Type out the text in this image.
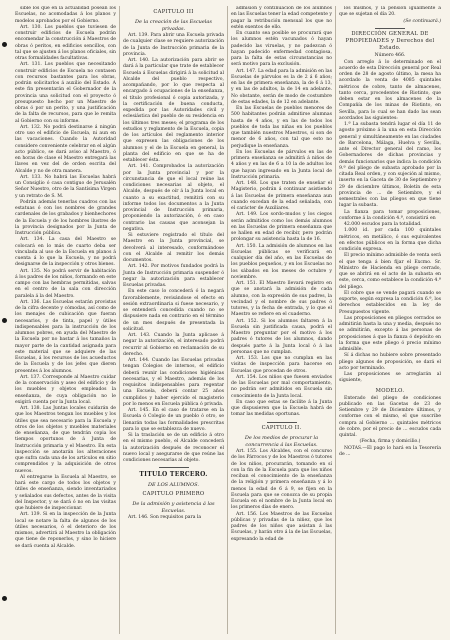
sible los que en la actualidad posean los Escuelas, no acomodadas á los planos y modelos aprobados por el Gobierno.

Art. 130. Los pueblos que tuviesen de construir edificios de Escuela podrán encomendar la construcción á Maestros de obras ó peritos, en edificios sencillos, con tal que se ajusten á los planos oficiales, sin otras formalidades facultativas.

Art. 131. Los pueblos que necesitando construir edificios de Escuela no contasen con recursos bastantes para los obras, podrán solicitarlos á auxilio del Estado. A este fin presentarán el Gobernador de la provincia una solicitud con el proyecto ó presupuesto hecho por un Maestro de obras ó por un perito, y una justificación de la falta de recursos, para que le remita al Gobierno con su informe.

Art. 132. No podrá destinarse á ningún otro uso el edificio de Escuela, ni aun en las vacaciones. Cuando la Autoridad considere conveniente celebrar en el algún acto público, se dará aviso al Maestro, ó en horas de clase el Maestro entregará las llaves en vez del de orden escrita del Alcalde y no de otra manera.

Art. 133. No habrá las Escuelas habrá un Consiglio ó casa contiguo de Jerusalén Señor Nuestro, otro de la Santísima Virgen y un retrato de S. M.

Podrán además tenerlas cuadros con las estatuas ó con los nombres de grandes cardenales de los grabados y bienhechores de la Escuela y de los hombres ilustres de la provincia designados por la Junta de Instrucción pública.

Art. 134. La casa del Maestro se colocará en lo más de cuarto deba ser vinculada al uso de la Escuela en planos á cuenta á lo que la Escuela, y no podrá designarse de la inspección y otros bienes.

Art. 135. No podrá servir de habitación á los padres de los niños, formando en este campo con las hembras permitidas, salvas en el centro de la sala con dirección paralela á la del Maestro.

Art. 136. Las Escuelas estarán provistas de la cifra decente y cómodas, así como de los menajes de cubicación que fueran necesarios, y de tinta, papel y útiles indispensables para la instrucción de los alumnos pobres, en ayuda del Maestro de la Escuela por no bastar á los tamaños la mayor parte de la cantidad asignada para este material que se adquiere de las Escuelas, á los recursos de los acueductos de la Escuela y de los jefes que dieren presentes á los alumnos.

Art. 137. Corresponde al Maestro cuidar de la conservación y aseo del edificio y de los muebles y objetos empleados la enseñanza, de cuya obligación no le exigirá cuenta por la Junta local.

Art. 138. Las Juntas locales cuidarán de que los Maestros tengan los muebles y los útiles que sea necesario para la Escuela y otros de los objetos y muebles materiales de enseñanza, de que tendrán copia los tiempos oportunos de á Junta de Instrucción primaria y el Maestro. En esta inspección se anotarán los alteraciones que sufra cada una de los artículos en sitio comprendidos y la adquisición de otros nuevos.

Al entregarse la Escuela al Maestro, se hará este cargo de todos los objetos y útiles de enseñanza, siendo inventariados y señalados sus defectos, antes de la visita del Inspector, y se dará ó no en las visitas que hubiere de inspeccionar.

Art. 139. Si en la inspección de la Junta local se notare la falta de algunos de los útiles necesarios, ó el deterioro de los mismos, advertirá al Maestro la obligación que tiene de reponerlos, y sino lo hiciere se dará cuenta al Alcalde.

CAPITULO III

De la creación de las Escuelas privadas.

Art. 139. Para abrir una Escuela privada de cualquier clase se requiere autorización de la Junta de Instrucción primaria de la provincia.

Art. 140. La autorización para abrir se dará á la particular que trate de establecer Escuela á Escuelas dirigirá á la solicitud al Alcalde del pueblo respectivo, acompañando, por lo que respecta al encargado á ocupaciones de la enseñanza, el título profesional ó copia autorizada, y la certificación de buena conducta, expedida por las Autoridades civil y eclesiástica del pueblo de su residencia en los últimos tres meses; el programa de los estudios y reglamento de la Escuela, copia de los artículos del reglamento interior que expresen las obligaciones de los alumnos y el de la Escuela en general, la planta del edificio en que se ha de establecer ésta.

Art. 141. Comprobados la autorización por la Junta provincial y por la circunstancia de que el local reúne las condiciones necesarias al objeto, el Alcalde, después de oír á la Junta local en cuanto a su exactitud, remitirá con su informe todos los documentos a la Junta provincial de Instrucción primaria, proponiendo la autorización, ó en caso contrario las causas que aconsejan la negativa.

Si estuviere registrado el título del Maestro en la Junta provincial, se devolverá al interesado, conformándose con el Alcalde al remitir los demás documentos.

Art. 142. Por motivos fundados podrá la Junta de Instrucción primaria suspender ó negar la autorización para establecer Escuelas privadas.

En este caso lo concederá ó la negará favorablemente, revisándose el efecto en sesión extraordinaria si fuese necesario, y se entenderá concedida cuando no se dispusiere nada en contrario en el término de un mes después de presentada la solicitud.

Art. 143. Cuando la Junta aplicase á negar la autorización, el interesado podrá recurrir al Gobierno en reclamación de su derecho.

Art. 144. Cuando las Escuelas privadas tengan Colegios de internos, el edificio deberá reunir las condiciones higiénicas necesarias, y el Maestro, además de los requisitos indispensables para regentar una Escuela, deberá contar 25 años cumplidos y haber ejercido el magisterio por lo menos en Escuela pública ó privada.

Art. 145. En el caso de tratarse en la Escuela ó Colegio de un pueblo ó otro, se llenarán todas las formalidades prescritas para lo que se establezca de nuevo.

Si la traslación se de un edificio á otro en el mismo pueblo, el Alcalde concederá la autorización después de reconocer el nuevo local y asegurarse de que reúne las condiciones necesarias al objeto.

TITULO TERCERO.

DE LOS ALUMNOS.

CAPITULO PRIMERO

De la admisión y asistencia á las Escuelas.

Art. 146. Son requisitos para la

admisión y continuación de los alumnos en las Escuelas tener la edad competente y pagar la retribución mensual los que no estén exentos de ello.

En cuanto sea posible se procurará que los alumnos estén vacunados ó hayan padecido las viruelas, y no padezcan ó hayan padecido enfermedad contagiosa, para la falta de estas circunstancias no será motivo para la exclusión.

Art. 147. La edad para la admisión en las Escuelas de párvulos es la de 2 á 6 años; en las de primera enseñanza, la de 6 á 13, y en las de adultos, la de 14 en adelante. No obstante, serán de modo de costumbre de estas edades, la de 12 en adelante.

En las Escuelas de pueblos menores de 500 habitantes podrán admitirse alumnas hasta de 4 años, y en las de todos los pueblos de toda las niñas en los pueblos que también nuestros Maestros, si son de menor de 6 años, con tal que esto no perjudique la enseñanza.

En los Escuelas de párvulos en las de primera enseñanza se admitirá á niños de 4 años y en las de 6 a 10 la de adultos los que hayan ingresado en la Junta local de Instrucción primaria.

Art. 148. Los que traten de enseñar el Magisterio, podrán á continuar asistiendo á las Escuelas de primera enseñanza aun cuando excedan de la edad señalada, con el carácter de Auxiliares.

Art. 149. Los sordo-mudos y los ciegos serán admitidos como los demás alumnos en las Escuelas de primera enseñanza que se hallen en edad de recibir, pero podrán prolongar su asistencia hasta la de 16.

Art. 150. La admisión de alumnos en las Escuelas públicas se verificará en cualquier día del año, en las Escuelas de los pueblos pequeños, y en los Escuelas no los sábados en los meses de octubre y noviembre.

Art. 151. El Maestro llevará registro en que se anotará la admisión de cada alumno, con la expresión de sus padres, la vecindad y el nombre de sus padres ó tutores, y la fecha de entrada, y lo que el Maestro se refiere en el cuaderno.

Art. 152. Si los alumnos faltaren á la Escuela sin justificada causa, podrá el Maestro preguntar por el motivo á los padres ó tutores de los alumnos, dando después parte á la Junta local ó á las personas que no cumplan.

Art. 153. Los que no cumplan en las visitas de inspección para hacerse en Escuelas que procedan de otros.

Art. 154. Los niños que fuesen enviados de las Escuelas por mal comportamiento, no podrán ser admitidos en Escuela sin conocimiento de la Junta local.

En caso que estas se facilite á la Junta que dispusieren que la Escuela habrá de tomar las medidas oportunas.

CAPITULO II.

De los medios de procurar la concurrencia á las Escuelas.

Art. 155. Los Alcaldes, con el concurso de los Párrocos y de los Maestros ó tutores de los niños, procurarán, tomando en sí con la fin de la Escuela para que los niños reciban el conocimiento de la enseñanza de la religión y primera enseñanza y á lo menos la edad de 6 á 9, se fijen en la Escuela para que se conozca de su propia Escuela en el nombre de la Junta local en los primeros días de enero.

Art. 156. Los Maestros de las Escuelas públicas y privadas de la niñez, que los padres de los niños que asistan á las Escuelas, y harán otro á la de las Escuelas, expresando la edad de

los mismos, y la pensión igualmente á que se sujetan el día 20.

(Se continuará.)

DIRECCIÓN GENERAL DE PROPIEDADES y Derechos del Estado.

Número 466.

Con arreglo á lo determinado en el acuerdo de esta Dirección general por Real orden de 28 de agosto último, la mesa ha acordado la venta de 4085 quintales métricos de cobre, tanto de almacenes, tanto cerca, procedentes de Riotinto, que deben estar en los almacenes de la Compañía de los minas de Riotinto, en Sevilla, para lo cual se han dado las sean acordados las siguientes:

1.ª La subasta tendrá lugar el día 11 de agosto próximo á la una en esta Dirección general y simultáneamente en las ciudades de Barcelona, Málaga, Huelva y Sevilla, ante el Director general del ramo, los Gobernadores de dichas provincias y demás funcionarios que indica la condición 9.ª del pliego de subasta aprobado por la citada Real orden, y con sujeción al mismo, inserto en la Gaceta de 30 de Septiembre y 29 de diciembre últimos, Boletín de esta provincia de ... de Setiembre, y el semestrales con las pliegos en que tiene lugar la subasta.

La fianza para tomar proposiciones, conforme á la condición 4.ª, consistirá en

42.000 escudos para la totalidad.

1.000 id. por cada 100 quintales métricos, en metálico, ó sus equivalentes en efectos públicos en la forma que dicha condición expresa.

El precio mínimo admisible de venta será el que tenga á bien fijar el Excmo. Sr. Ministro de Hacienda en pliego cerrado, que se abrirá en el acto de la subasta en este, cerca, como establece la condición 4.ª del pliego.

El cobre que se vende pagará cuando se exporte, según expresa la condición 6.ª, los derechos establecidos en la ley de Presupuestos vigente.

Las proposiciones en pliegos cerrados se admitirán hasta la una y media, después no se admitirán, excepto á las personas de proposiciones á que la fianza ó depósito en la forma que este pliego ó precio mínimo admisible.

Sí á dichas no hubiere sobre presentado pliego algunos de proposición, se dará el acto por terminado.

Las proposiciones se arreglarán al siguiente,

MODELO.

Enterado del pliego de condiciones publicado en las Gacetas de 23 de Setiembre y 29 de Diciembre últimos, y conforme con el mismo, el que suscribe compra al Gobierno ... quintales métricos de cobre, por el precio de ... escudos cada quintal.

(Fecha, firma y domicilio.)

NOTAS.—El pago lo hará en la Tesorería de ...
